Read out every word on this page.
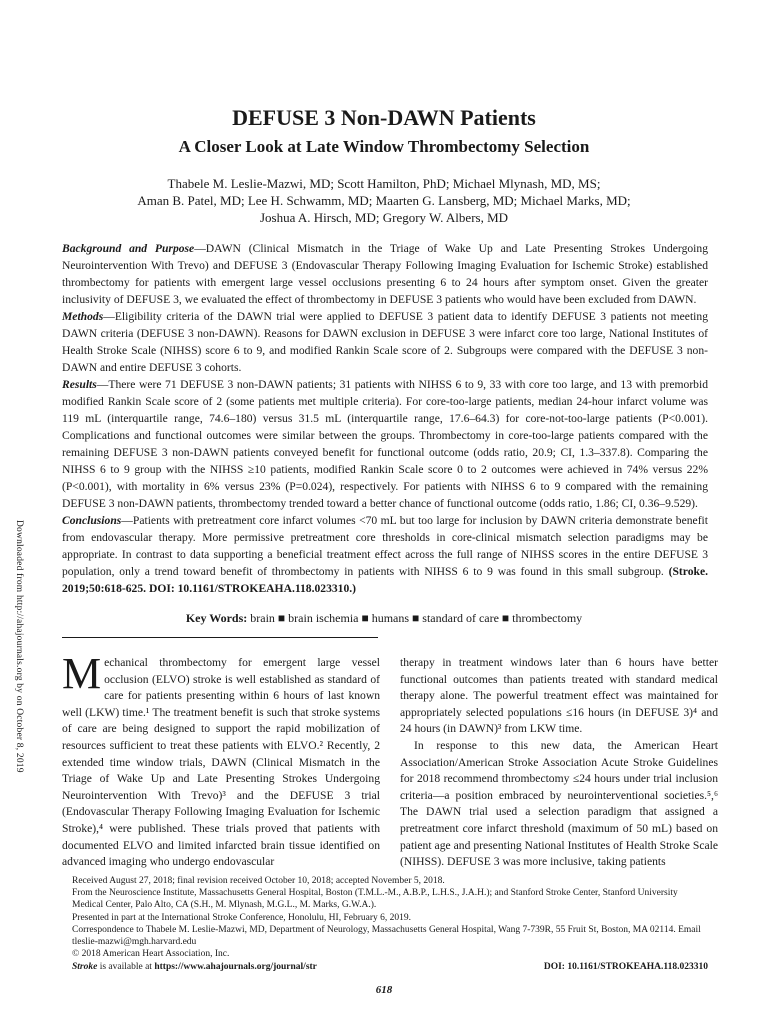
DEFUSE 3 Non-DAWN Patients
A Closer Look at Late Window Thrombectomy Selection
Thabele M. Leslie-Mazwi, MD; Scott Hamilton, PhD; Michael Mlynash, MD, MS;
Aman B. Patel, MD; Lee H. Schwamm, MD; Maarten G. Lansberg, MD; Michael Marks, MD;
Joshua A. Hirsch, MD; Gregory W. Albers, MD

Background and Purpose—DAWN (Clinical Mismatch in the Triage of Wake Up and Late Presenting Strokes Undergoing Neurointervention With Trevo) and DEFUSE 3 (Endovascular Therapy Following Imaging Evaluation for Ischemic Stroke) established thrombectomy for patients with emergent large vessel occlusions presenting 6 to 24 hours after symptom onset. Given the greater inclusivity of DEFUSE 3, we evaluated the effect of thrombectomy in DEFUSE 3 patients who would have been excluded from DAWN.

Methods—Eligibility criteria of the DAWN trial were applied to DEFUSE 3 patient data to identify DEFUSE 3 patients not meeting DAWN criteria (DEFUSE 3 non-DAWN). Reasons for DAWN exclusion in DEFUSE 3 were infarct core too large, National Institutes of Health Stroke Scale (NIHSS) score 6 to 9, and modified Rankin Scale score of 2. Subgroups were compared with the DEFUSE 3 non-DAWN and entire DEFUSE 3 cohorts.

Results—There were 71 DEFUSE 3 non-DAWN patients; 31 patients with NIHSS 6 to 9, 33 with core too large, and 13 with premorbid modified Rankin Scale score of 2 (some patients met multiple criteria). For core-too-large patients, median 24-hour infarct volume was 119 mL (interquartile range, 74.6–180) versus 31.5 mL (interquartile range, 17.6–64.3) for core-not-too-large patients (P<0.001). Complications and functional outcomes were similar between the groups. Thrombectomy in core-too-large patients compared with the remaining DEFUSE 3 non-DAWN patients conveyed benefit for functional outcome (odds ratio, 20.9; CI, 1.3–337.8). Comparing the NIHSS 6 to 9 group with the NIHSS ≥10 patients, modified Rankin Scale score 0 to 2 outcomes were achieved in 74% versus 22% (P<0.001), with mortality in 6% versus 23% (P=0.024), respectively. For patients with NIHSS 6 to 9 compared with the remaining DEFUSE 3 non-DAWN patients, thrombectomy trended toward a better chance of functional outcome (odds ratio, 1.86; CI, 0.36–9.529).

Conclusions—Patients with pretreatment core infarct volumes <70 mL but too large for inclusion by DAWN criteria demonstrate benefit from endovascular therapy. More permissive pretreatment core thresholds in core-clinical mismatch selection paradigms may be appropriate. In contrast to data supporting a beneficial treatment effect across the full range of NIHSS scores in the entire DEFUSE 3 population, only a trend toward benefit of thrombectomy in patients with NIHSS 6 to 9 was found in this small subgroup. (Stroke. 2019;50:618-625. DOI: 10.1161/STROKEAHA.118.023310.)

Key Words: brain ■ brain ischemia ■ humans ■ standard of care ■ thrombectomy
Downloaded from http://ahajournals.org by on October 8, 2019 Mechanical thrombectomy for emergent large vessel occlusion (ELVO) stroke is well established as standard of care for patients presenting within 6 hours of last known well (LKW) time.¹ The treatment benefit is such that stroke systems of care are being designed to support the rapid mobilization of resources sufficient to treat these patients with ELVO.² Recently, 2 extended time window trials, DAWN (Clinical Mismatch in the Triage of Wake Up and Late Presenting Strokes Undergoing Neurointervention With Trevo)³ and the DEFUSE 3 trial (Endovascular Therapy Following Imaging Evaluation for Ischemic Stroke),⁴ were published. These trials proved that patients with documented ELVO and limited infarcted brain tissue identified on advanced imaging who undergo endovascular

therapy in treatment windows later than 6 hours have better functional outcomes than patients treated with standard medical therapy alone. The powerful treatment effect was maintained for appropriately selected populations ≤16 hours (in DEFUSE 3)⁴ and 24 hours (in DAWN)³ from LKW time.

In response to this new data, the American Heart Association/American Stroke Association Acute Stroke Guidelines for 2018 recommend thrombectomy ≤24 hours under trial inclusion criteria—a position embraced by neurointerventional societies.⁵,⁶ The DAWN trial used a selection paradigm that assigned a pretreatment core infarct threshold (maximum of 50 mL) based on patient age and presenting National Institutes of Health Stroke Scale (NIHSS). DEFUSE 3 was more inclusive, taking patients

Received August 27, 2018; final revision received October 10, 2018; accepted November 5, 2018.

From the Neuroscience Institute, Massachusetts General Hospital, Boston (T.M.L.-M., A.B.P., L.H.S., J.A.H.); and Stanford Stroke Center, Stanford University Medical Center, Palo Alto, CA (S.H., M. Mlynash, M.G.L., M. Marks, G.W.A.).

Presented in part at the International Stroke Conference, Honolulu, HI, February 6, 2019.

Correspondence to Thabele M. Leslie-Mazwi, MD, Department of Neurology, Massachusetts General Hospital, Wang 7-739R, 55 Fruit St, Boston, MA 02114. Email tleslie-mazwi@mgh.harvard.edu

© 2018 American Heart Association, Inc.

Stroke is available at https://www.ahajournals.org/journal/str	DOI: 10.1161/STROKEAHA.118.023310
618
